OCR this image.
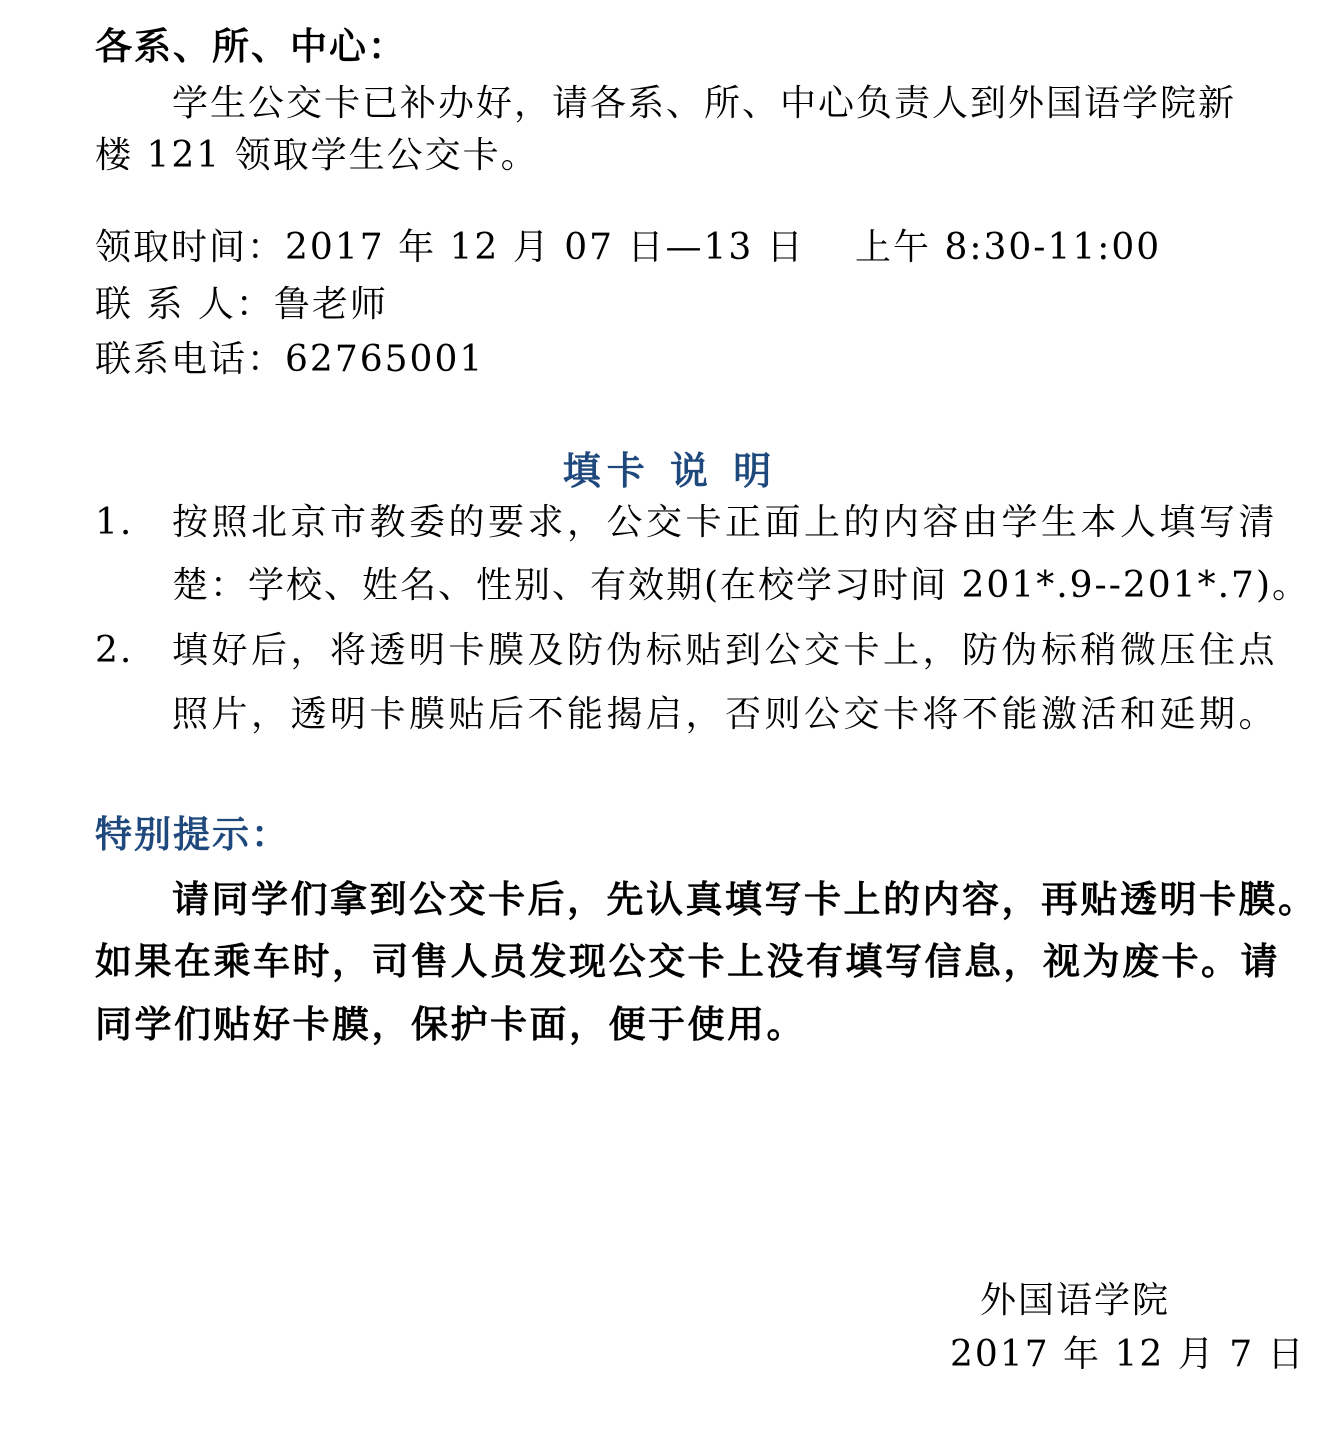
各系、所、中心：
学生公交卡已补办好，请各系、所、中心负责人到外国语学院新
楼 121 领取学生公交卡。
领取时间：2017 年 12 月 07 日—13 日 上午 8:30-11:00
联 系 人：鲁老师
联系电话：62765001
填卡 说 明
1. 按照北京市教委的要求，公交卡正面上的内容由学生本人填写清
楚：学校、姓名、性别、有效期(在校学习时间 201*.9--201*.7)。
2. 填好后，将透明卡膜及防伪标贴到公交卡上，防伪标稍微压住点
照片，透明卡膜贴后不能揭启，否则公交卡将不能激活和延期。
特别提示：
请同学们拿到公交卡后，先认真填写卡上的内容，再贴透明卡膜。
如果在乘车时，司售人员发现公交卡上没有填写信息，视为废卡。请
同学们贴好卡膜，保护卡面，便于使用。
外国语学院
2017 年 12 月 7 日
